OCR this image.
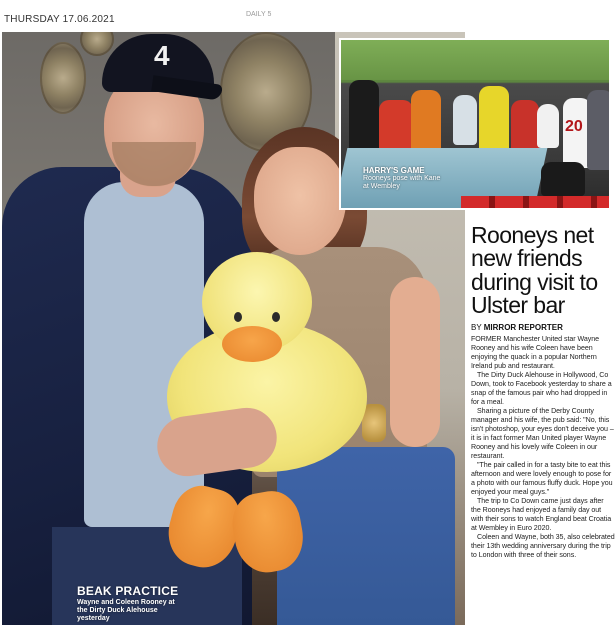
THURSDAY 17.06.2021	DAILY 5
4
BEAK PRACTICE
Wayne and Coleen Rooney at the Dirty Duck Alehouse yesterday
20
HARRY'S GAME
Rooneys pose with Kane at Wembley
Rooneys net new friends during visit to Ulster bar
BY MIRROR REPORTER

FORMER Manchester United star Wayne Rooney and his wife Coleen have been enjoying the quack in a popular Northern Ireland pub and restaurant.

The Dirty Duck Alehouse in Hollywood, Co Down, took to Facebook yesterday to share a snap of the famous pair who had dropped in for a meal.

Sharing a picture of the Derby County manager and his wife, the pub said: "No, this isn't photoshop, your eyes don't deceive you – it is in fact former Man United player Wayne Rooney and his lovely wife Coleen in our restaurant.

"The pair called in for a tasty bite to eat this afternoon and were lovely enough to pose for a photo with our famous fluffy duck. Hope you enjoyed your meal guys."

The trip to Co Down came just days after the Rooneys had enjoyed a family day out with their sons to watch England beat Croatia at Wembley in Euro 2020.

Coleen and Wayne, both 35, also celebrated their 13th wedding anniversary during the trip to London with three of their sons.
